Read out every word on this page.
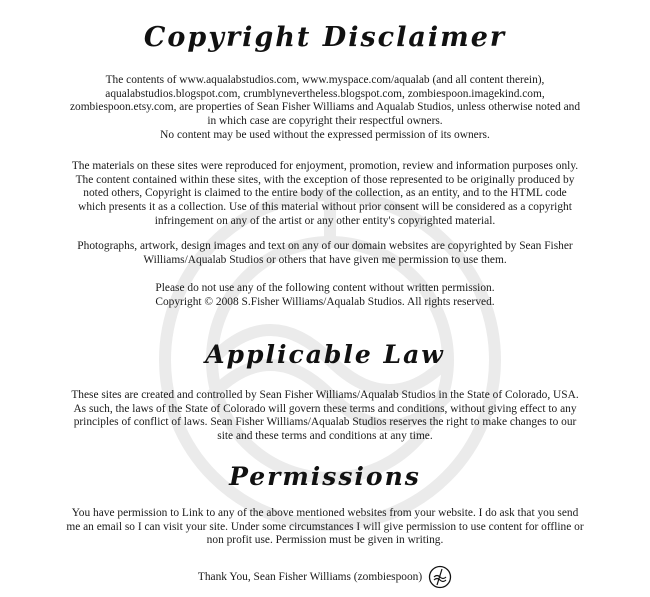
Copyright Disclaimer

The contents of www.aqualabstudios.com, www.myspace.com/aqualab (and all content therein),
aqualabstudios.blogspot.com, crumblynevertheless.blogspot.com, zombiespoon.imagekind.com,
zombiespoon.etsy.com, are properties of Sean Fisher Williams and Aqualab Studios, unless otherwise noted and
in which case are copyright their respectful owners.
No content may be used without the expressed permission of its owners.

The materials on these sites were reproduced for enjoyment, promotion, review and information purposes only.
The content contained within these sites, with the exception of those represented to be originally produced by
noted others, Copyright is claimed to the entire body of the collection, as an entity, and to the HTML code
which presents it as a collection. Use of this material without prior consent will be considered as a copyright
infringement on any of the artist or any other entity's copyrighted material.

Photographs, artwork, design images and text on any of our domain websites are copyrighted by Sean Fisher
Williams/Aqualab Studios or others that have given me permission to use them.

Please do not use any of the following content without written permission.
Copyright © 2008 S.Fisher Williams/Aqualab Studios. All rights reserved.

Applicable Law

These sites are created and controlled by Sean Fisher Williams/Aqualab Studios in the State of Colorado, USA.
As such, the laws of the State of Colorado will govern these terms and conditions, without giving effect to any
principles of conflict of laws. Sean Fisher Williams/Aqualab Studios reserves the right to make changes to our
site and these terms and conditions at any time.

Permissions

You have permission to Link to any of the above mentioned websites from your website. I do ask that you send
me an email so I can visit your site. Under some circumstances I will give permission to use content for offline or
non profit use. Permission must be given in writing.

Thank You, Sean Fisher Williams (zombiespoon)
